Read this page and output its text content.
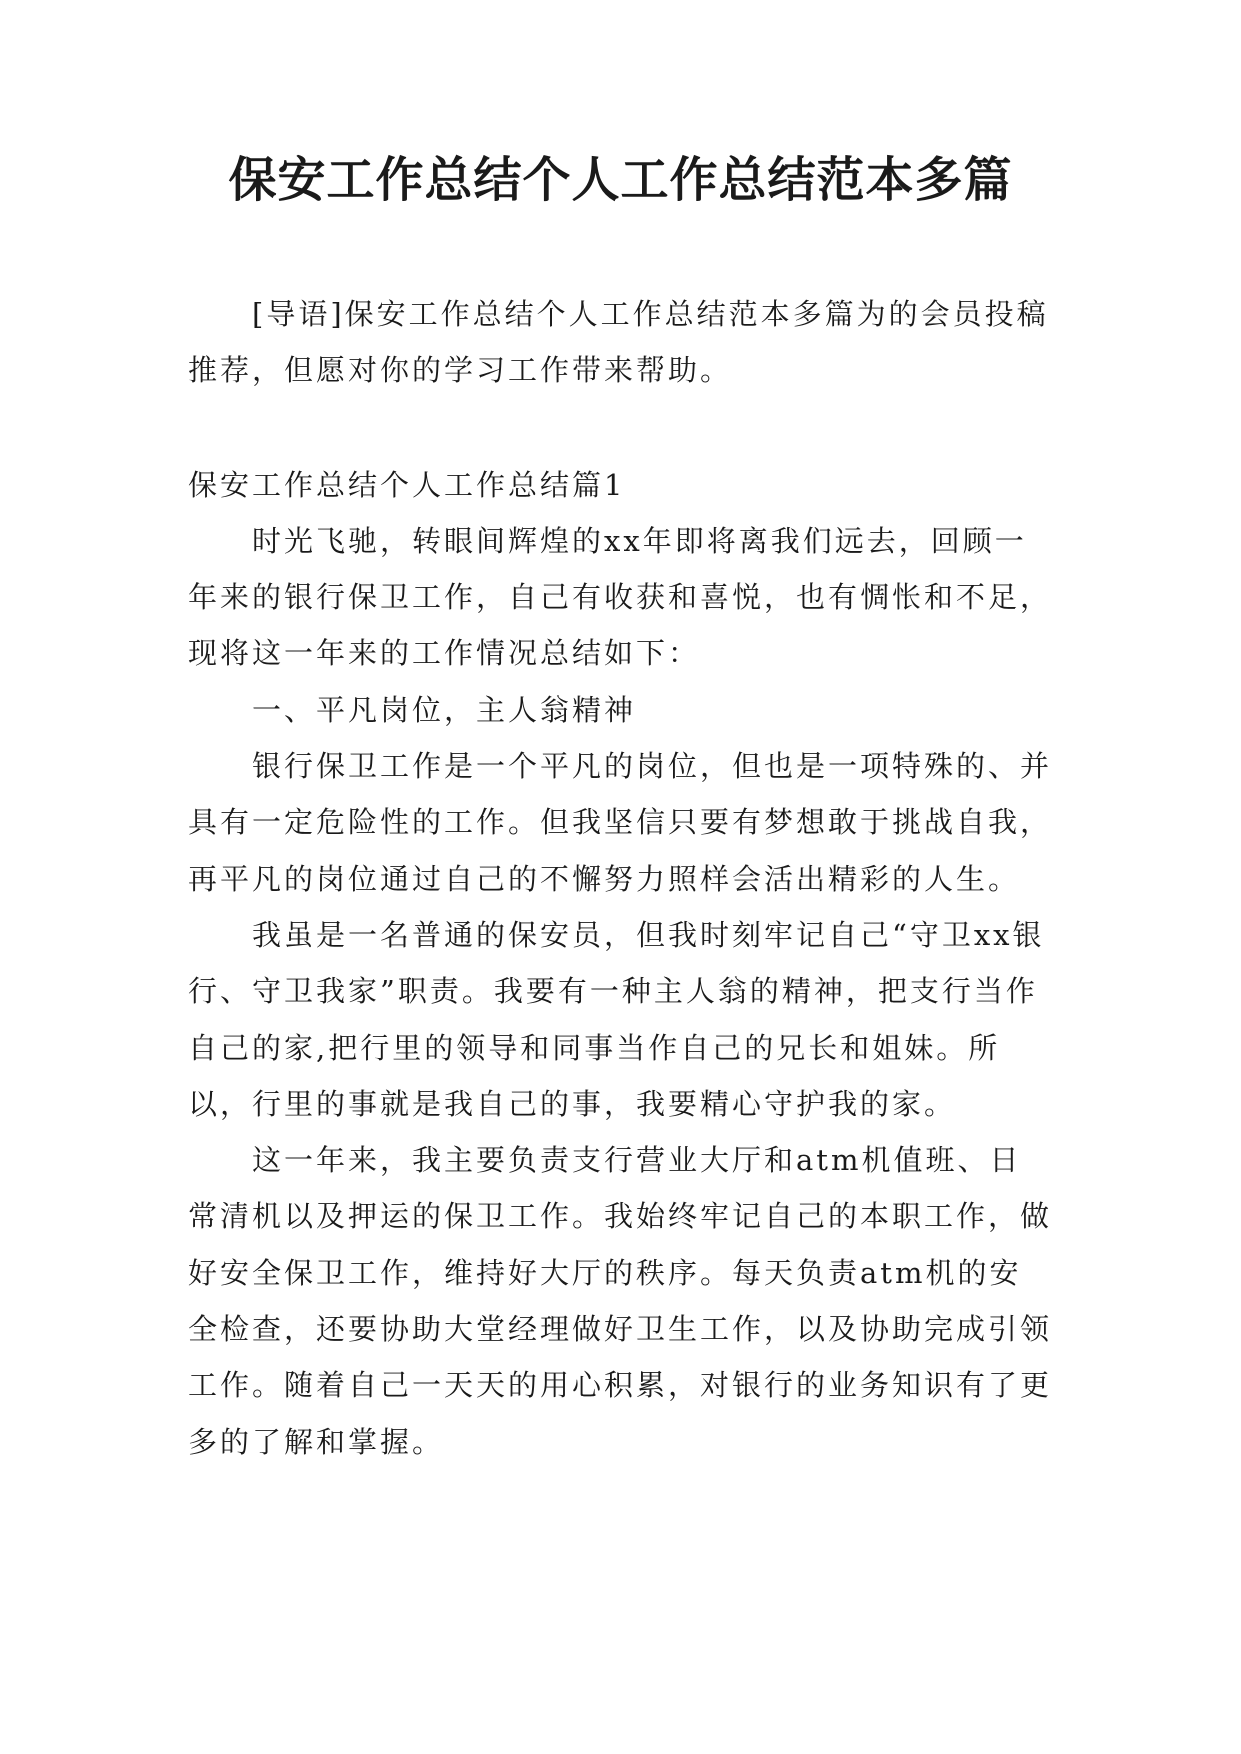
保安工作总结个人工作总结范本多篇

[导语]保安工作总结个人工作总结范本多篇为的会员投稿推荐，但愿对你的学习工作带来帮助。

保安工作总结个人工作总结篇1

时光飞驰，转眼间辉煌的xx年即将离我们远去，回顾一年来的银行保卫工作，自己有收获和喜悦，也有惆怅和不足，现将这一年来的工作情况总结如下：

一、平凡岗位，主人翁精神

银行保卫工作是一个平凡的岗位，但也是一项特殊的、并具有一定危险性的工作。但我坚信只要有梦想敢于挑战自我，再平凡的岗位通过自己的不懈努力照样会活出精彩的人生。

我虽是一名普通的保安员，但我时刻牢记自己“守卫xx银行、守卫我家”职责。我要有一种主人翁的精神，把支行当作自己的家,把行里的领导和同事当作自己的兄长和姐妹。所以，行里的事就是我自己的事，我要精心守护我的家。

这一年来，我主要负责支行营业大厅和atm机值班、日常清机以及押运的保卫工作。我始终牢记自己的本职工作，做好安全保卫工作，维持好大厅的秩序。每天负责atm机的安全检查，还要协助大堂经理做好卫生工作，以及协助完成引领工作。随着自己一天天的用心积累，对银行的业务知识有了更多的了解和掌握。
